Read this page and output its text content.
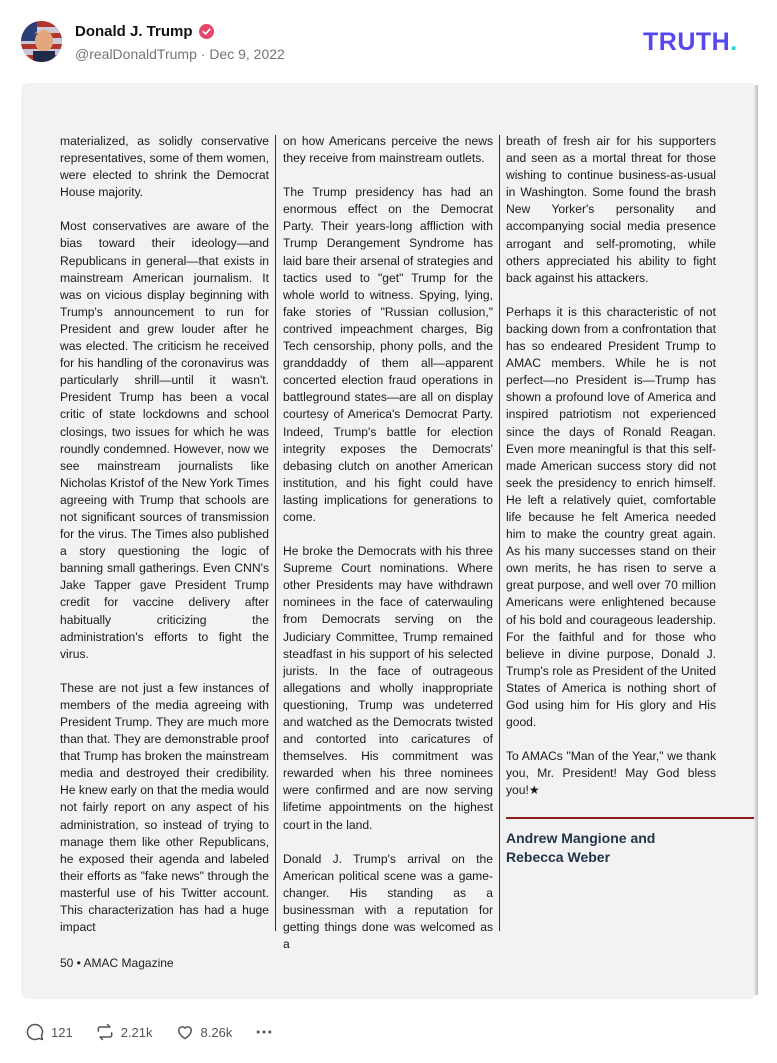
Donald J. Trump
@realDonaldTrump · Dec 9, 2022	TRUTH.

materialized, as solidly conservative representatives, some of them women, were elected to shrink the Democrat House majority.

Most conservatives are aware of the bias toward their ideology—and Republicans in general—that exists in mainstream American journalism. It was on vicious display beginning with Trump's announcement to run for President and grew louder after he was elected. The criticism he received for his handling of the coronavirus was particularly shrill—until it wasn't. President Trump has been a vocal critic of state lockdowns and school closings, two issues for which he was roundly condemned. However, now we see mainstream journalists like Nicholas Kristof of the New York Times agreeing with Trump that schools are not significant sources of transmission for the virus. The Times also published a story questioning the logic of banning small gatherings. Even CNN's Jake Tapper gave President Trump credit for vaccine delivery after habitually criticizing the administration's efforts to fight the virus.

These are not just a few instances of members of the media agreeing with President Trump. They are much more than that. They are demonstrable proof that Trump has broken the mainstream media and destroyed their credibility. He knew early on that the media would not fairly report on any aspect of his administration, so instead of trying to manage them like other Republicans, he exposed their agenda and labeled their efforts as "fake news" through the masterful use of his Twitter account. This characterization has had a huge impact

on how Americans perceive the news they receive from mainstream outlets.

The Trump presidency has had an enormous effect on the Democrat Party. Their years-long affliction with Trump Derangement Syndrome has laid bare their arsenal of strategies and tactics used to "get" Trump for the whole world to witness. Spying, lying, fake stories of "Russian collusion," contrived impeachment charges, Big Tech censorship, phony polls, and the granddaddy of them all—apparent concerted election fraud operations in battleground states—are all on display courtesy of America's Democrat Party. Indeed, Trump's battle for election integrity exposes the Democrats' debasing clutch on another American institution, and his fight could have lasting implications for generations to come.

He broke the Democrats with his three Supreme Court nominations. Where other Presidents may have withdrawn nominees in the face of caterwauling from Democrats serving on the Judiciary Committee, Trump remained steadfast in his support of his selected jurists. In the face of outrageous allegations and wholly inappropriate questioning, Trump was undeterred and watched as the Democrats twisted and contorted into caricatures of themselves. His commitment was rewarded when his three nominees were confirmed and are now serving lifetime appointments on the highest court in the land.

Donald J. Trump's arrival on the American political scene was a game-changer. His standing as a businessman with a reputation for getting things done was welcomed as a

breath of fresh air for his supporters and seen as a mortal threat for those wishing to continue business-as-usual in Washington. Some found the brash New Yorker's personality and accompanying social media presence arrogant and self-promoting, while others appreciated his ability to fight back against his attackers.

Perhaps it is this characteristic of not backing down from a confrontation that has so endeared President Trump to AMAC members. While he is not perfect—no President is—Trump has shown a profound love of America and inspired patriotism not experienced since the days of Ronald Reagan. Even more meaningful is that this self-made American success story did not seek the presidency to enrich himself. He left a relatively quiet, comfortable life because he felt America needed him to make the country great again. As his many successes stand on their own merits, he has risen to serve a great purpose, and well over 70 million Americans were enlightened because of his bold and courageous leadership. For the faithful and for those who believe in divine purpose, Donald J. Trump's role as President of the United States of America is nothing short of God using him for His glory and His good.

To AMACs "Man of the Year," we thank you, Mr. President! May God bless you!★

Andrew Mangione and
Rebecca Weber
50 • AMAC Magazine
121	2.21k	8.26k
